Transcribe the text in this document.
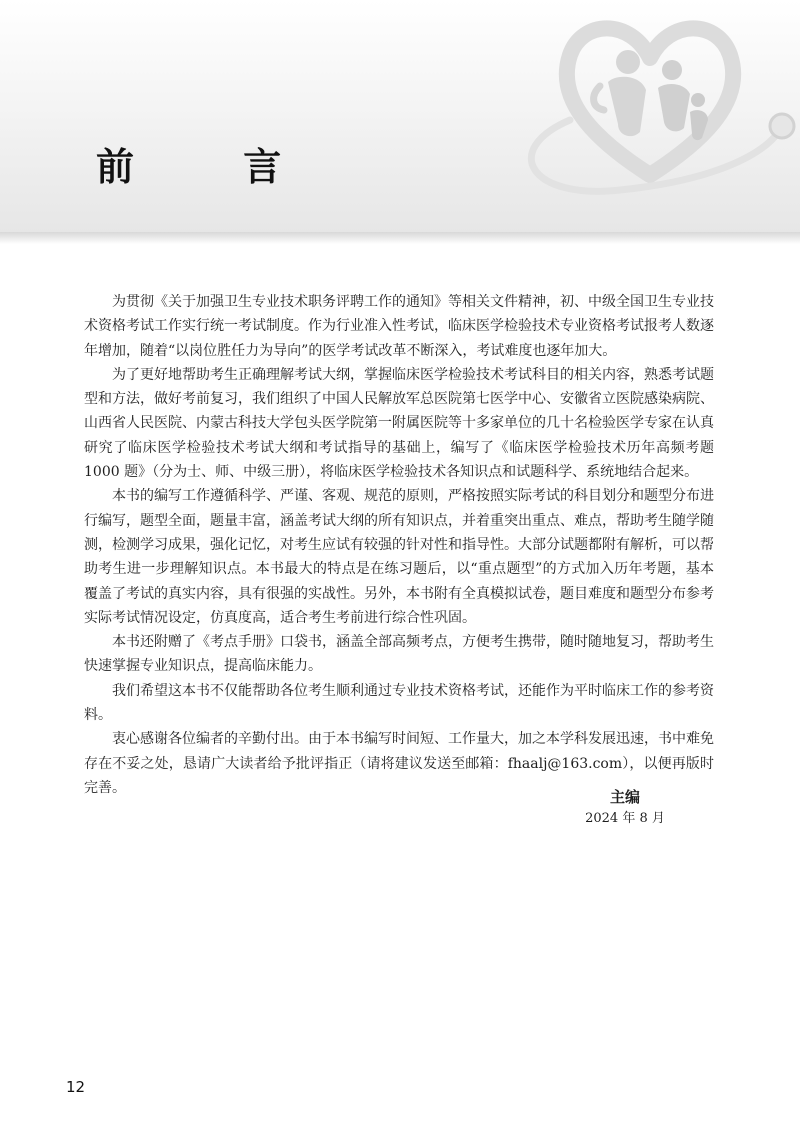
前 言

为贯彻《关于加强卫生专业技术职务评聘工作的通知》等相关文件精神，初、中级全国卫生专业技术资格考试工作实行统一考试制度。作为行业准入性考试，临床医学检验技术专业资格考试报考人数逐年增加，随着“以岗位胜任力为导向”的医学考试改革不断深入，考试难度也逐年加大。

为了更好地帮助考生正确理解考试大纲，掌握临床医学检验技术考试科目的相关内容，熟悉考试题型和方法，做好考前复习，我们组织了中国人民解放军总医院第七医学中心、安徽省立医院感染病院、山西省人民医院、内蒙古科技大学包头医学院第一附属医院等十多家单位的几十名检验医学专家在认真研究了临床医学检验技术考试大纲和考试指导的基础上，编写了《临床医学检验技术历年高频考题 1000 题》（分为士、师、中级三册），将临床医学检验技术各知识点和试题科学、系统地结合起来。

本书的编写工作遵循科学、严谨、客观、规范的原则，严格按照实际考试的科目划分和题型分布进行编写，题型全面，题量丰富，涵盖考试大纲的所有知识点，并着重突出重点、难点，帮助考生随学随测，检测学习成果，强化记忆，对考生应试有较强的针对性和指导性。大部分试题都附有解析，可以帮助考生进一步理解知识点。本书最大的特点是在练习题后，以“重点题型”的方式加入历年考题，基本覆盖了考试的真实内容，具有很强的实战性。另外，本书附有全真模拟试卷，题目难度和题型分布参考实际考试情况设定，仿真度高，适合考生考前进行综合性巩固。

本书还附赠了《考点手册》口袋书，涵盖全部高频考点，方便考生携带，随时随地复习，帮助考生快速掌握专业知识点，提高临床能力。

我们希望这本书不仅能帮助各位考生顺利通过专业技术资格考试，还能作为平时临床工作的参考资料。

衷心感谢各位编者的辛勤付出。由于本书编写时间短、工作量大，加之本学科发展迅速，书中难免存在不妥之处，恳请广大读者给予批评指正（请将建议发送至邮箱：fhaalj@163.com），以便再版时完善。

主编
2024 年 8 月
12
